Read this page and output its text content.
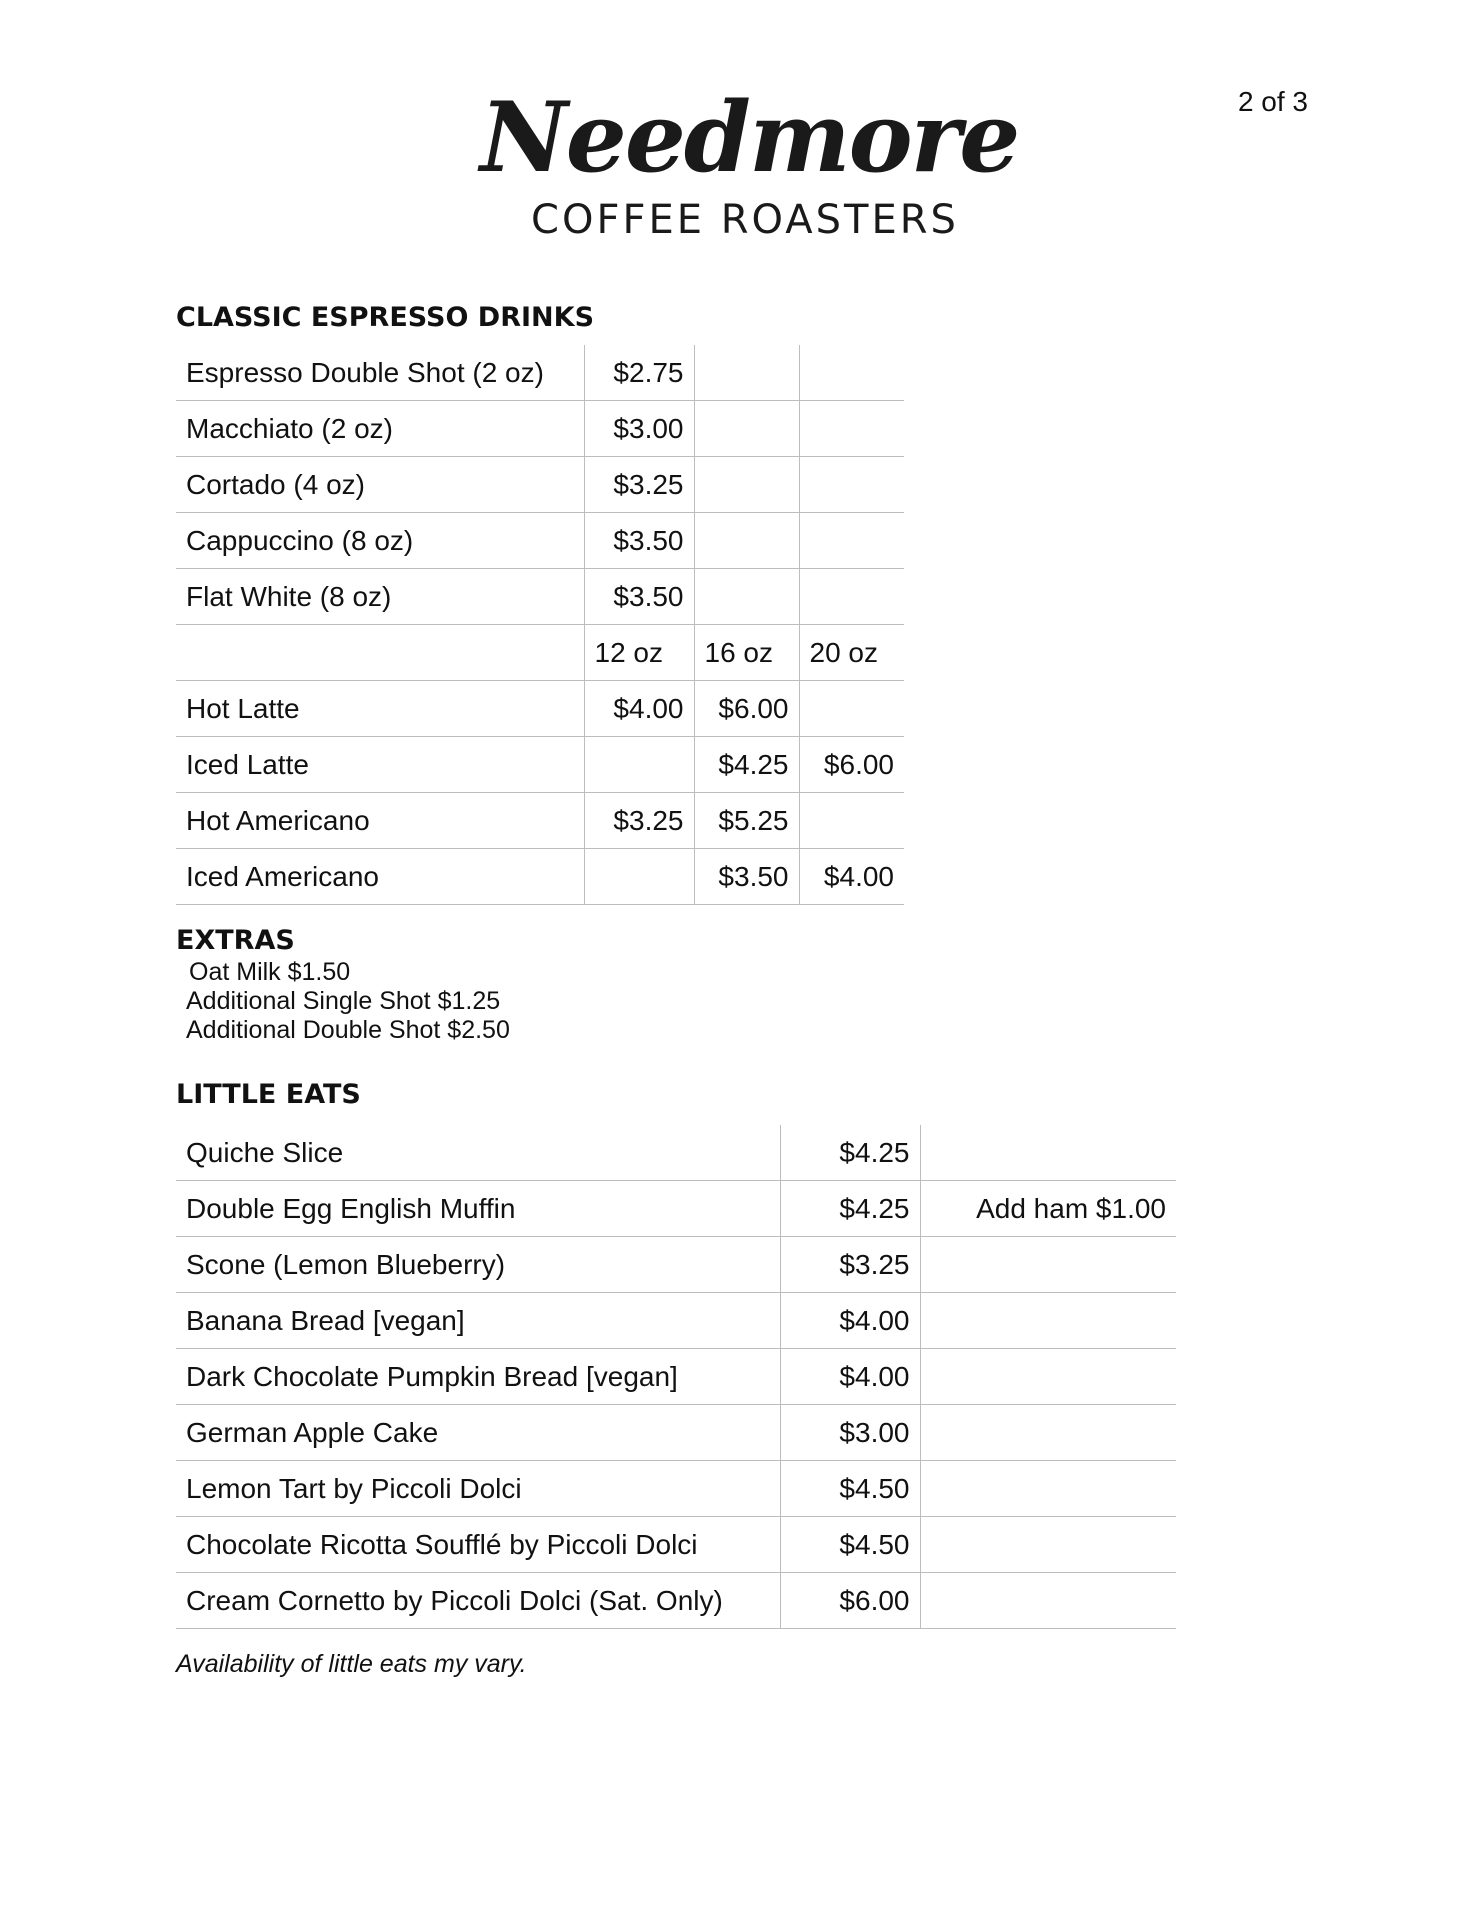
2 of 3
Needmore
COFFEE ROASTERS
CLASSIC ESPRESSO DRINKS
Espresso Double Shot (2 oz)	$2.75		
Macchiato (2 oz)	$3.00		
Cortado (4 oz)	$3.25		
Cappuccino (8 oz)	$3.50		
Flat White (8 oz)	$3.50		
	12 oz	16 oz	20 oz
Hot Latte	$4.00	$6.00	
Iced Latte		$4.25	$6.00
Hot Americano	$3.25	$5.25	
Iced Americano		$3.50	$4.00
EXTRAS
Oat Milk $1.50
Additional Single Shot $1.25
Additional Double Shot $2.50
LITTLE EATS
Quiche Slice	$4.25	
Double Egg English Muffin	$4.25	Add ham $1.00
Scone (Lemon Blueberry)	$3.25	
Banana Bread [vegan]	$4.00	
Dark Chocolate Pumpkin Bread [vegan]	$4.00	
German Apple Cake	$3.00	
Lemon Tart by Piccoli Dolci	$4.50	
Chocolate Ricotta Soufflé by Piccoli Dolci	$4.50	
Cream Cornetto by Piccoli Dolci (Sat. Only)	$6.00	
Availability of little eats my vary.
